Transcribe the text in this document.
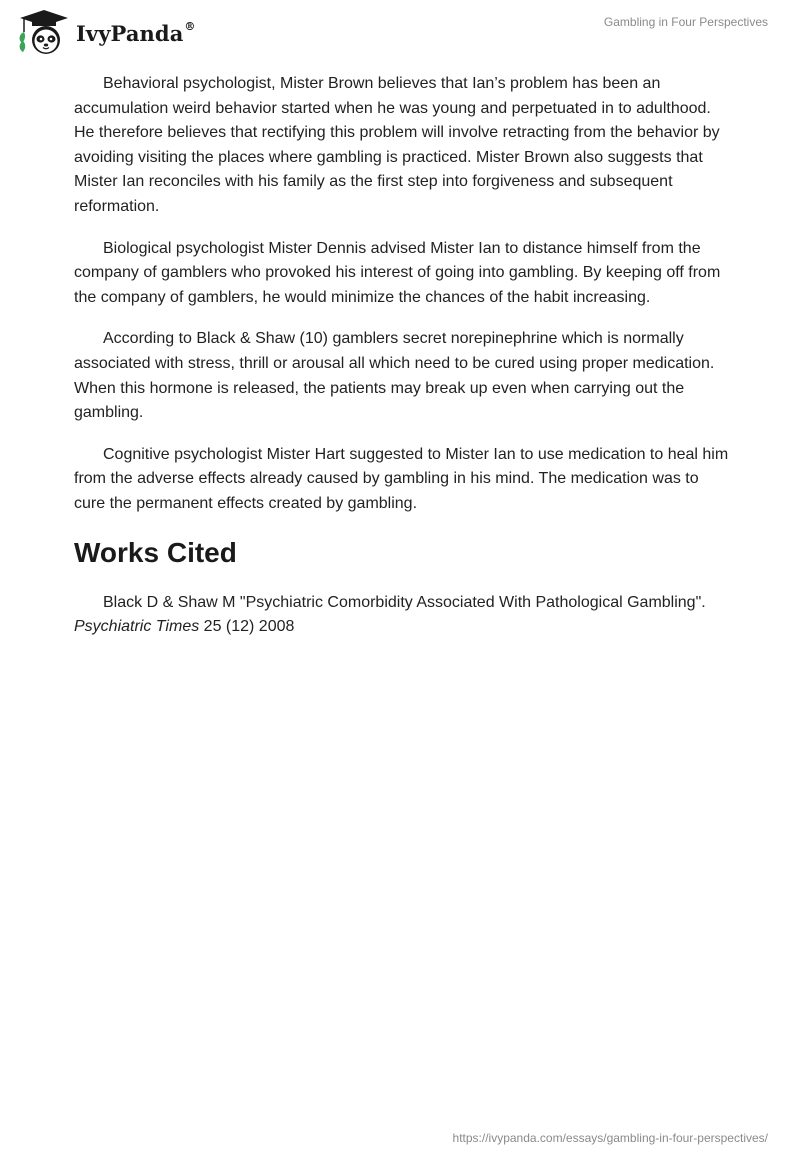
IvyPanda®	Gambling in Four Perspectives

Behavioral psychologist, Mister Brown believes that Ian’s problem has been an accumulation weird behavior started when he was young and perpetuated in to adulthood. He therefore believes that rectifying this problem will involve retracting from the behavior by avoiding visiting the places where gambling is practiced. Mister Brown also suggests that Mister Ian reconciles with his family as the first step into forgiveness and subsequent reformation.

Biological psychologist Mister Dennis advised Mister Ian to distance himself from the company of gamblers who provoked his interest of going into gambling. By keeping off from the company of gamblers, he would minimize the chances of the habit increasing.

According to Black & Shaw (10) gamblers secret norepinephrine which is normally associated with stress, thrill or arousal all which need to be cured using proper medication. When this hormone is released, the patients may break up even when carrying out the gambling.

Cognitive psychologist Mister Hart suggested to Mister Ian to use medication to heal him from the adverse effects already caused by gambling in his mind. The medication was to cure the permanent effects created by gambling.

Works Cited

Black D & Shaw M "Psychiatric Comorbidity Associated With Pathological Gambling". Psychiatric Times 25 (12) 2008

https://ivypanda.com/essays/gambling-in-four-perspectives/
